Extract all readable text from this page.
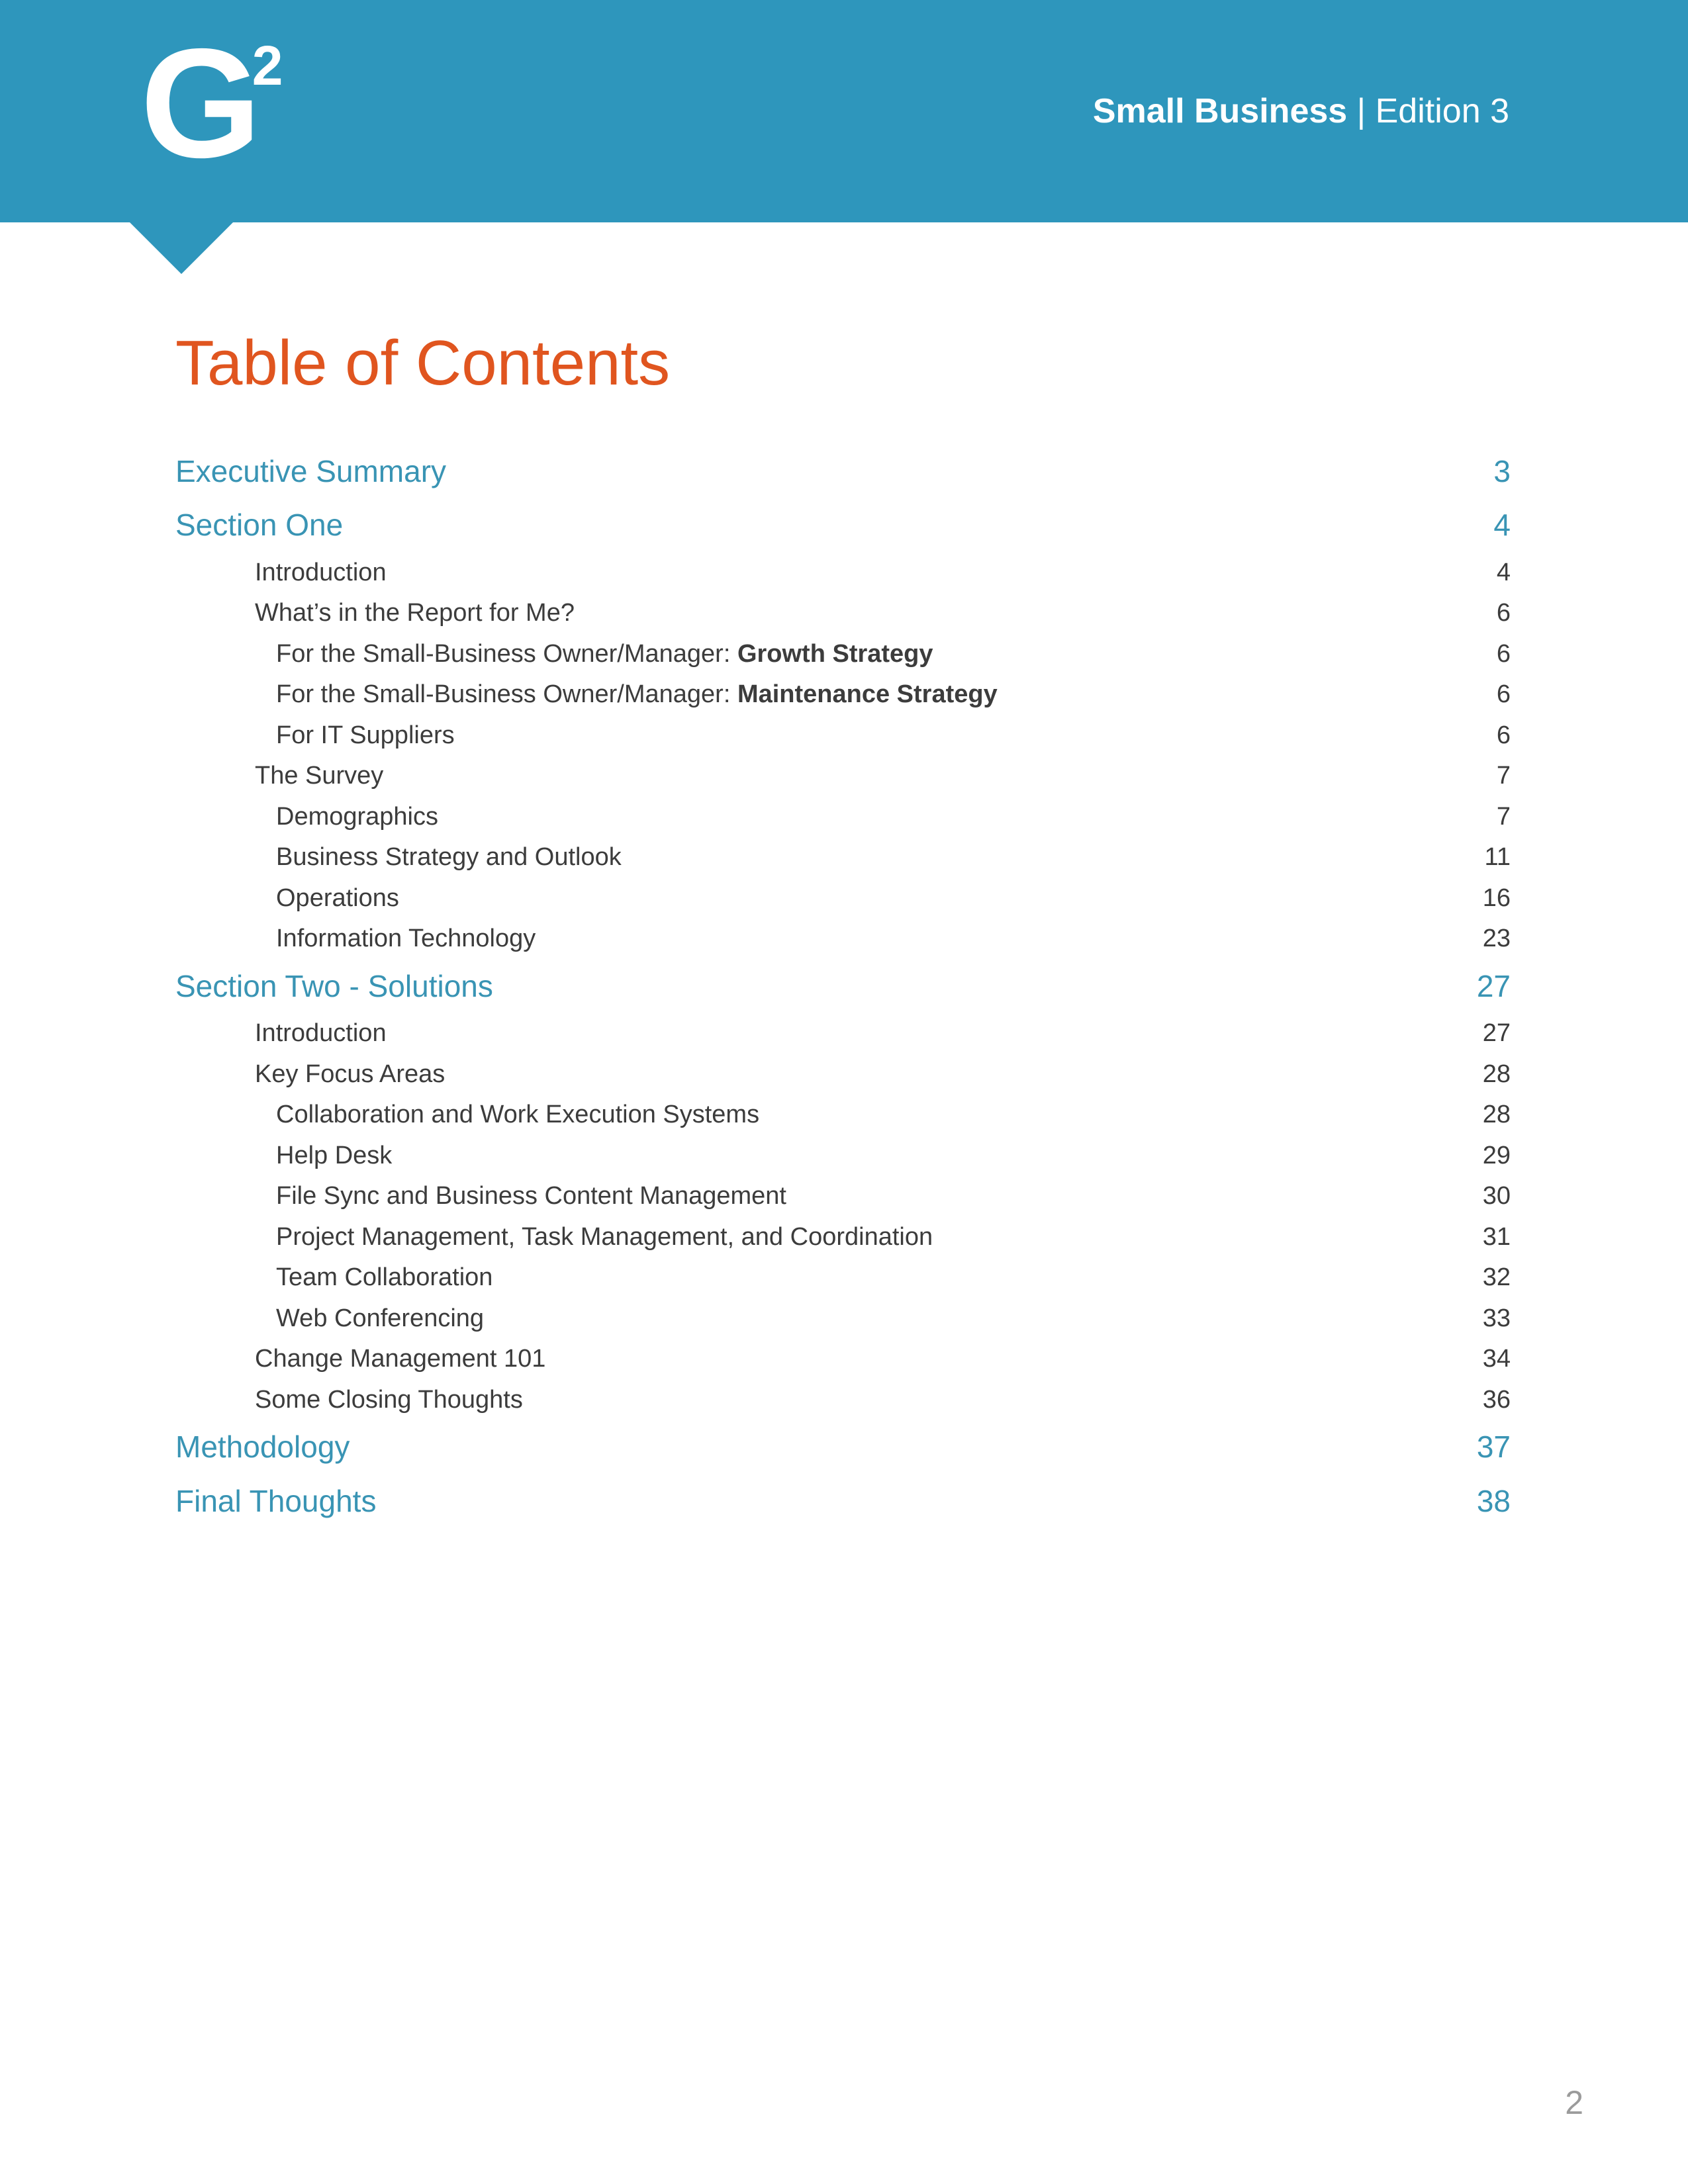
$G^2$
Small Business | Edition 3
Table of Contents
Executive Summary	3
Section One	4
Introduction	4
What’s in the Report for Me?	6
For the Small-Business Owner/Manager: Growth Strategy	6
For the Small-Business Owner/Manager: Maintenance Strategy	6
For IT Suppliers	6
The Survey	7
Demographics	7
Business Strategy and Outlook	11
Operations	16
Information Technology	23
Section Two - Solutions	27
Introduction	27
Key Focus Areas	28
Collaboration and Work Execution Systems	28
Help Desk	29
File Sync and Business Content Management	30
Project Management, Task Management, and Coordination	31
Team Collaboration	32
Web Conferencing	33
Change Management 101	34
Some Closing Thoughts	36
Methodology	37
Final Thoughts	38
2
